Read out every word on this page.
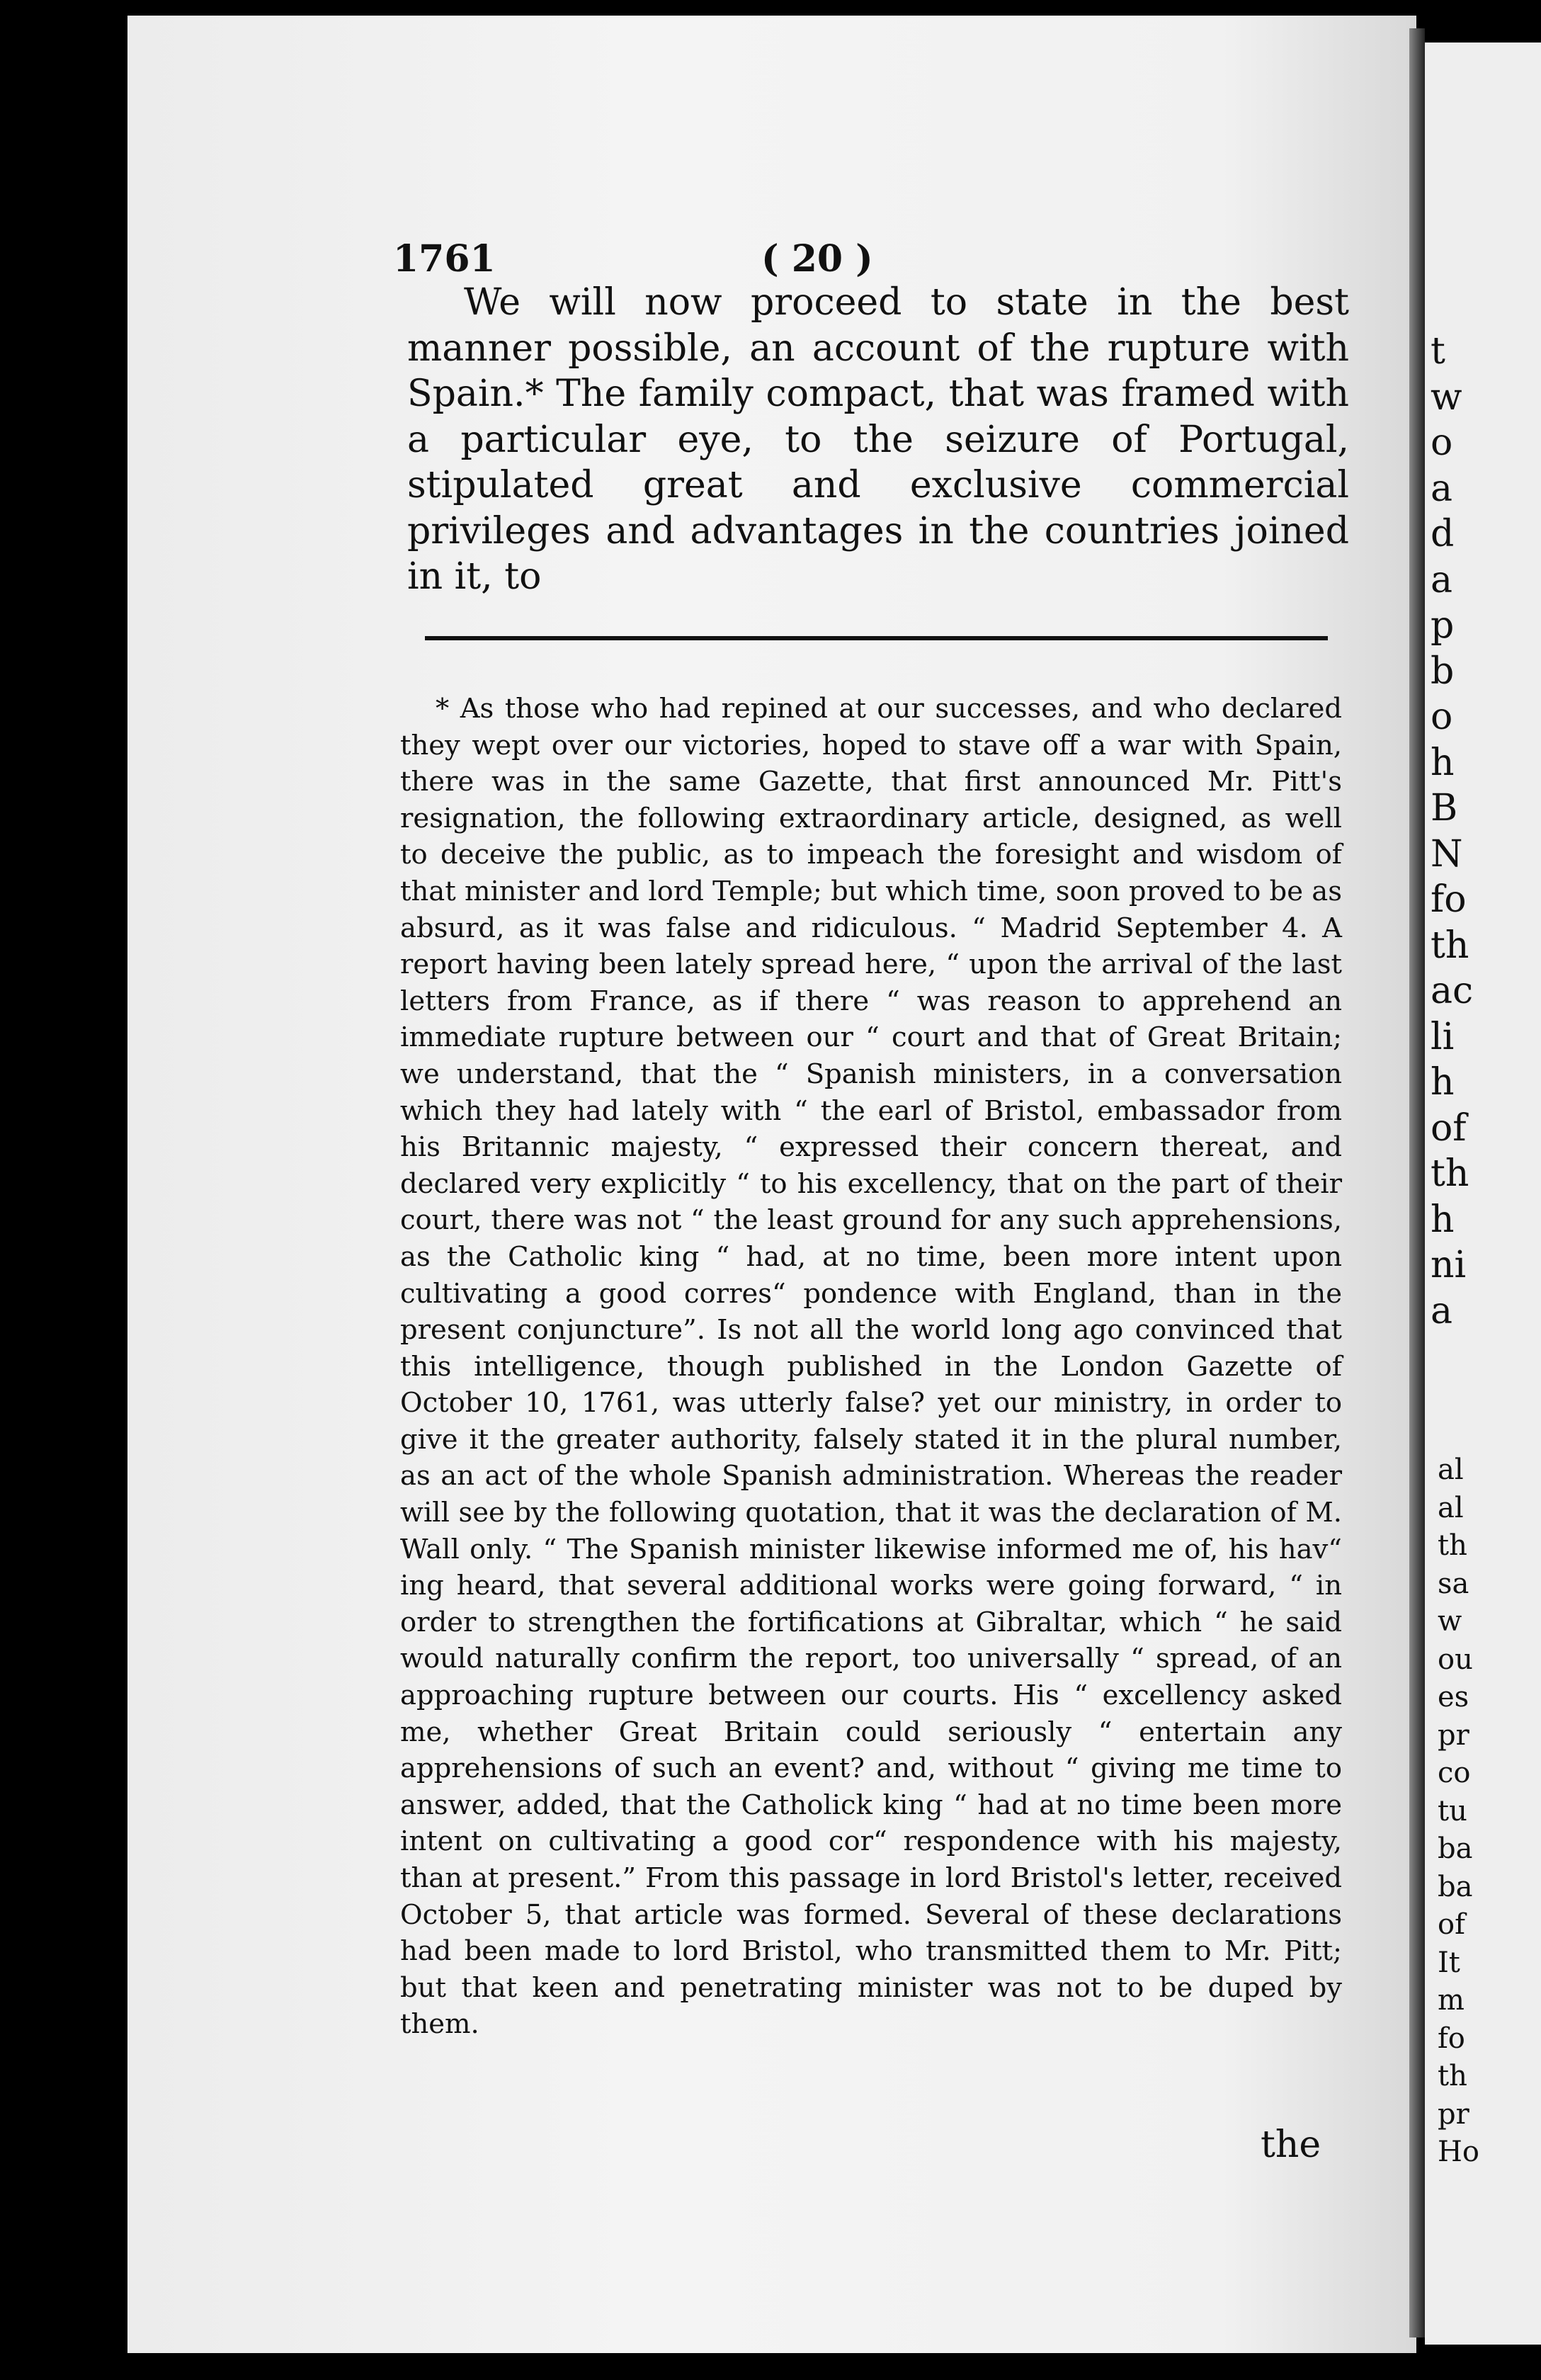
t
w
o
a
d
a
p
b
o
h
B
N
fo
th
ac
li
h
of
th
h
ni
a
al
al
th
sa
w
ou
es
pr
co
tu
ba
ba
of
It
m
fo
th
pr
Ho
1761	( 20 )

We will now proceed to state in the best manner possible, an account of the rupture with Spain.* The family compact, that was framed with a particular eye, to the seizure of Portugal, stipulated great and exclusive commercial privileges and advantages in the countries joined in it, to

* As those who had repined at our successes, and who declared they wept over our victories, hoped to stave off a war with Spain, there was in the same Gazette, that first announced Mr. Pitt's resignation, the following extraordinary article, designed, as well to deceive the public, as to impeach the foresight and wisdom of that minister and lord Temple; but which time, soon proved to be as absurd, as it was false and ridiculous. “ Madrid September 4. A report having been lately spread here, “ upon the arrival of the last letters from France, as if there “ was reason to apprehend an immediate rupture between our “ court and that of Great Britain; we understand, that the “ Spanish ministers, in a conversation which they had lately with “ the earl of Bristol, embassador from his Britannic majesty, “ expressed their concern thereat, and declared very explicitly “ to his excellency, that on the part of their court, there was not “ the least ground for any such apprehensions, as the Catholic king “ had, at no time, been more intent upon cultivating a good corres“ pondence with England, than in the present conjuncture”. Is not all the world long ago convinced that this intelligence, though published in the London Gazette of October 10, 1761, was utterly false? yet our ministry, in order to give it the greater authority, falsely stated it in the plural number, as an act of the whole Spanish administration. Whereas the reader will see by the following quotation, that it was the declaration of M. Wall only. “ The Spanish minister likewise informed me of, his hav“ ing heard, that several additional works were going forward, “ in order to strengthen the fortifications at Gibraltar, which “ he said would naturally confirm the report, too universally “ spread, of an approaching rupture between our courts. His “ excellency asked me, whether Great Britain could seriously “ entertain any apprehensions of such an event? and, without “ giving me time to answer, added, that the Catholick king “ had at no time been more intent on cultivating a good cor“ respondence with his majesty, than at present.” From this passage in lord Bristol's letter, received October 5, that article was formed. Several of these declarations had been made to lord Bristol, who transmitted them to Mr. Pitt; but that keen and penetrating minister was not to be duped by them.

the
